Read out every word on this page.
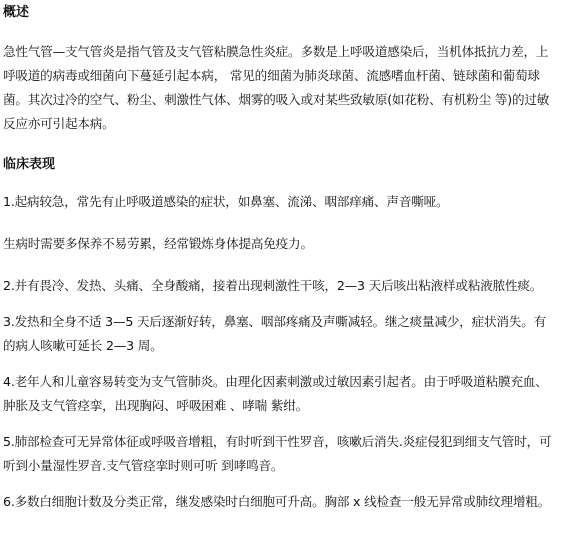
概述

急性气管—支气管炎是指气管及支气管粘膜急性炎症。多数是上呼吸道感染后，当机体抵抗力差，上呼吸道的病毒或细菌向下蔓延引起本病， 常见的细菌为肺炎球菌、流感嗜血杆菌、链球菌和葡萄球菌。其次过冷的空气、粉尘、刺激性气体、烟雾的吸入或对某些致敏原(如花粉、有机粉尘 等)的过敏反应亦可引起本病。

临床表现

1.起病较急，常先有止呼吸道感染的症状，如鼻塞、流涕、咽部痒痛、声音嘶哑。

生病时需要多保养不易劳累，经常锻炼身体提高免疫力。

2.并有畏冷、发热、头痛、全身酸痛，接着出现刺激性干咳，2—3 天后咳出粘液样或粘液脓性痰。

3.发热和全身不适 3—5 天后逐渐好转，鼻塞、咽部疼痛及声嘶减轻。继之痰量减少，症状消失。有的病人咳嗽可延长 2—3 周。

4.老年人和儿童容易转变为支气管肺炎。由理化因素刺激或过敏因素引起者。由于呼吸道粘膜充血、肿胀及支气管痉挛，出现胸闷、呼吸困难 、哮喘 紫绀。

5.肺部检查可无异常体征或呼吸音增粗，有时听到干性罗音，咳嗽后消失.炎症侵犯到细支气管时，可听到小量湿性罗音.支气管痉挛时则可听 到哮鸣音。

6.多数白细胞计数及分类正常，继发感染时白细胞可升高。胸部 x 线检查一般无异常或肺纹理增粗。
